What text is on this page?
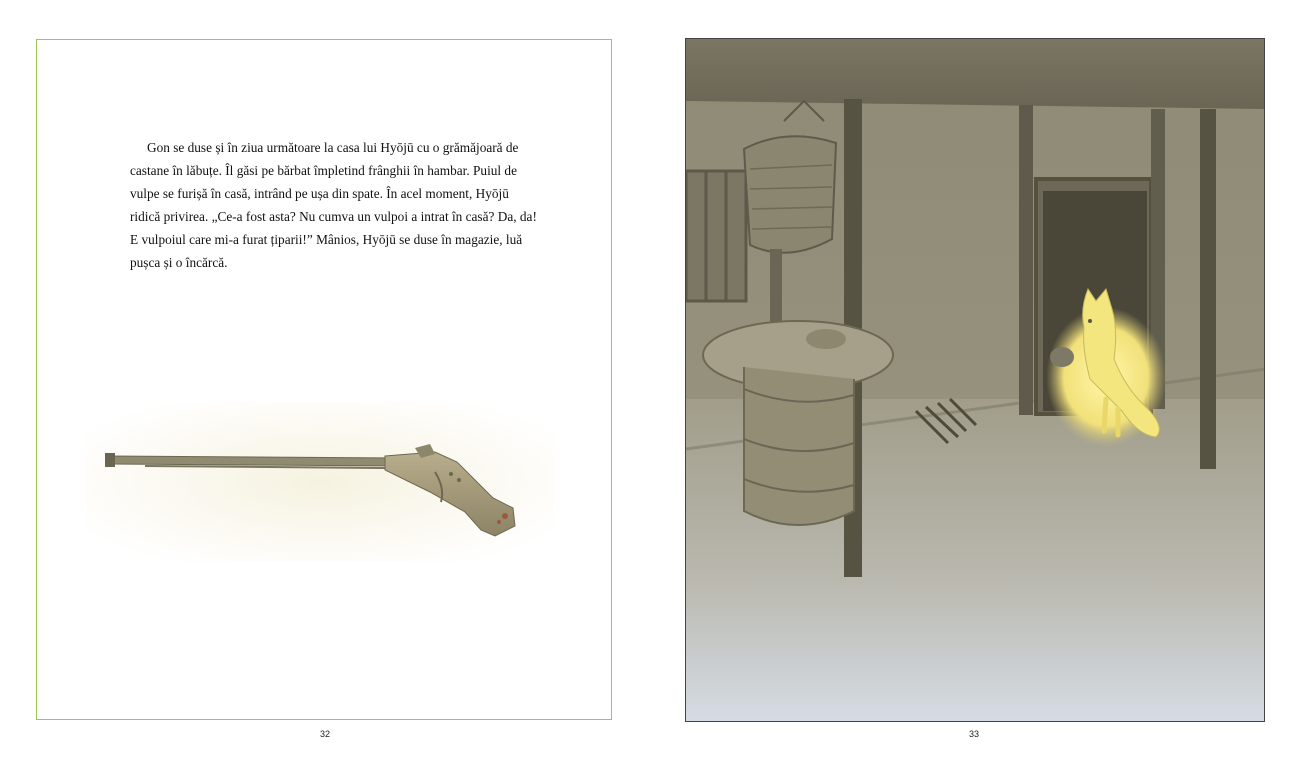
Gon se duse și în ziua următoare la casa lui Hyōjū cu o grămăjoară de
castane în lăbuțe. Îl găsi pe bărbat împletind frânghii în hambar. Puiul de
vulpe se furișă în casă, intrând pe ușa din spate. În acel moment, Hyōjū
ridică privirea. „Ce-a fost asta? Nu cumva un vulpoi a intrat în casă? Da, da!
E vulpoiul care mi-a furat țiparii!” Mânios, Hyōjū se duse în magazie, luă
pușca și o încărcă.

32	33
